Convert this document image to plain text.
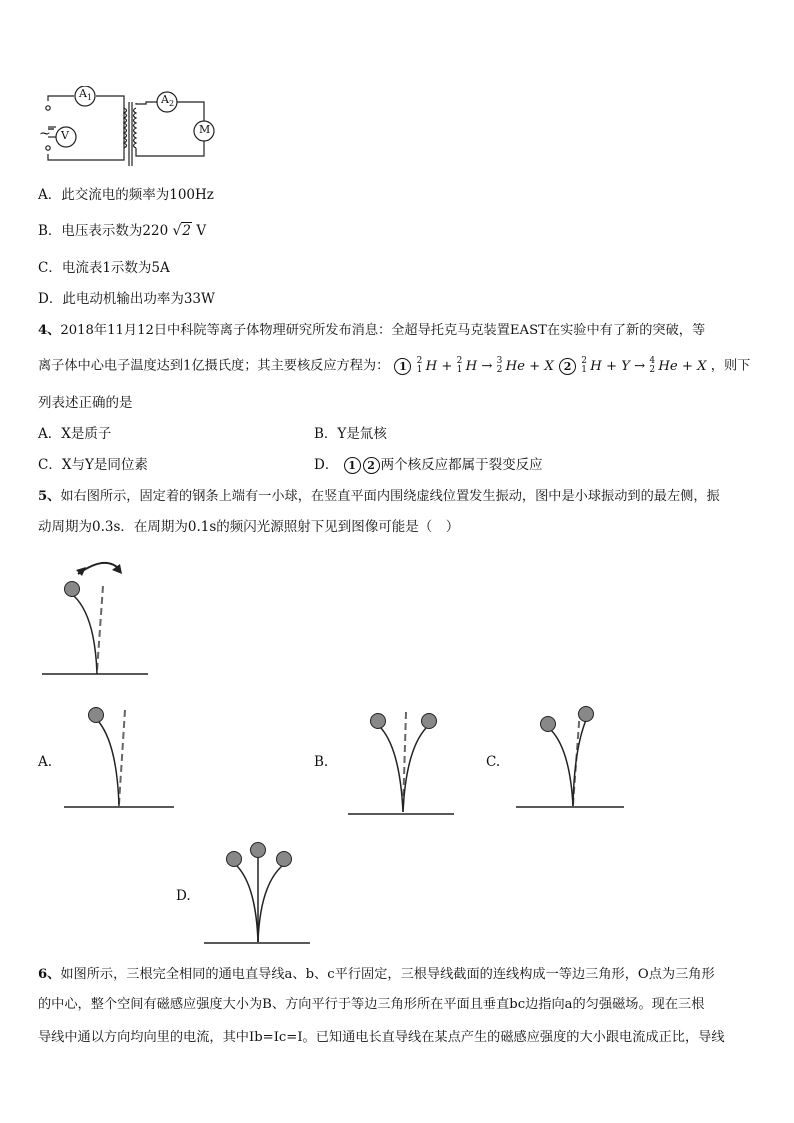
$A_1$
V
$A_2$
M
~
A．此交流电的频率为100Hz
B．电压表示数为220 √2 V
C．电流表1示数为5A
D．此电动机输出功率为33W
4、2018年11月12日中科院等离子体物理研究所发布消息：全超导托克马克装置EAST在实验中有了新的突破，等
离子体中心电子温度达到1亿摄氏度；其主要核反应方程为： 1 2
1 H + 2
1 H → 3
2 He + X 2 2
1 H + Y → 4
2 He + X ，则下
列表述正确的是
A．X是质子	B．Y是氚核
C．X与Y是同位素	D． 1 2 两个核反应都属于裂变反应
5、如右图所示，固定着的钢条上端有一小球，在竖直平面内围绕虚线位置发生振动，图中是小球振动到的最左侧，振
动周期为0.3s．在周期为0.1s的频闪光源照射下见到图像可能是（　）
A.	B.	C.
D.
6、如图所示，三根完全相同的通电直导线a、b、c平行固定，三根导线截面的连线构成一等边三角形，O点为三角形
的中心，整个空间有磁感应强度大小为B、方向平行于等边三角形所在平面且垂直bc边指向a的匀强磁场。现在三根
导线中通以方向均向里的电流，其中Ib=Ic=I。已知通电长直导线在某点产生的磁感应强度的大小跟电流成正比，导线
